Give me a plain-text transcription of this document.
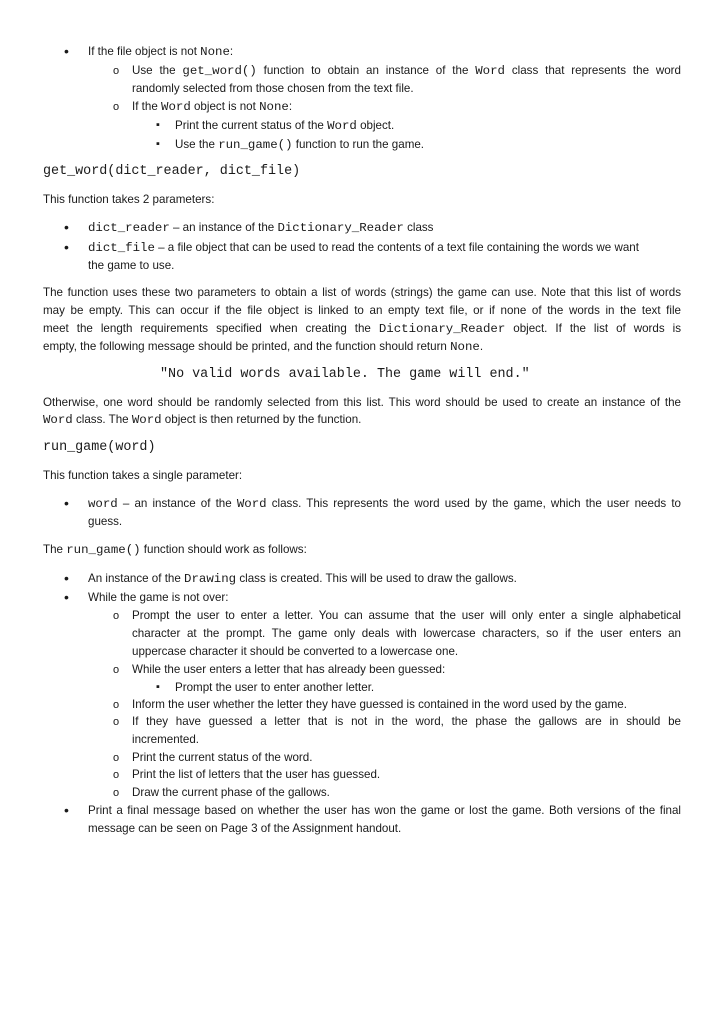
•
If the file object is not None:
o
Use the get_word() function to obtain an instance of the Word class that represents the word
randomly selected from those chosen from the text file.
o
If the Word object is not None:
▪
Print the current status of the Word object.
▪
Use the run_game() function to run the game.
get_word(dict_reader, dict_file)
This function takes 2 parameters:
•
dict_reader – an instance of the Dictionary_Reader class
•
dict_file – a file object that can be used to read the contents of a text file containing the words we want
the game to use.
The function uses these two parameters to obtain a list of words (strings) the game can use. Note that this list of words
may be empty. This can occur if the file object is linked to an empty text file, or if none of the words in the text file
meet the length requirements specified when creating the Dictionary_Reader object. If the list of words is
empty, the following message should be printed, and the function should return None.
"No valid words available. The game will end."
Otherwise, one word should be randomly selected from this list. This word should be used to create an instance of the
Word class. The Word object is then returned by the function.
run_game(word)
This function takes a single parameter:
•
word – an instance of the Word class. This represents the word used by the game, which the user needs to
guess.
The run_game() function should work as follows:
•
An instance of the Drawing class is created. This will be used to draw the gallows.
•
While the game is not over:
o
Prompt the user to enter a letter. You can assume that the user will only enter a single alphabetical
character at the prompt. The game only deals with lowercase characters, so if the user enters an
uppercase character it should be converted to a lowercase one.
o
While the user enters a letter that has already been guessed:
▪
Prompt the user to enter another letter.
o
Inform the user whether the letter they have guessed is contained in the word used by the game.
o
If they have guessed a letter that is not in the word, the phase the gallows are in should be
incremented.
o
Print the current status of the word.
o
Print the list of letters that the user has guessed.
o
Draw the current phase of the gallows.
•
Print a final message based on whether the user has won the game or lost the game. Both versions of the final
message can be seen on Page 3 of the Assignment handout.
